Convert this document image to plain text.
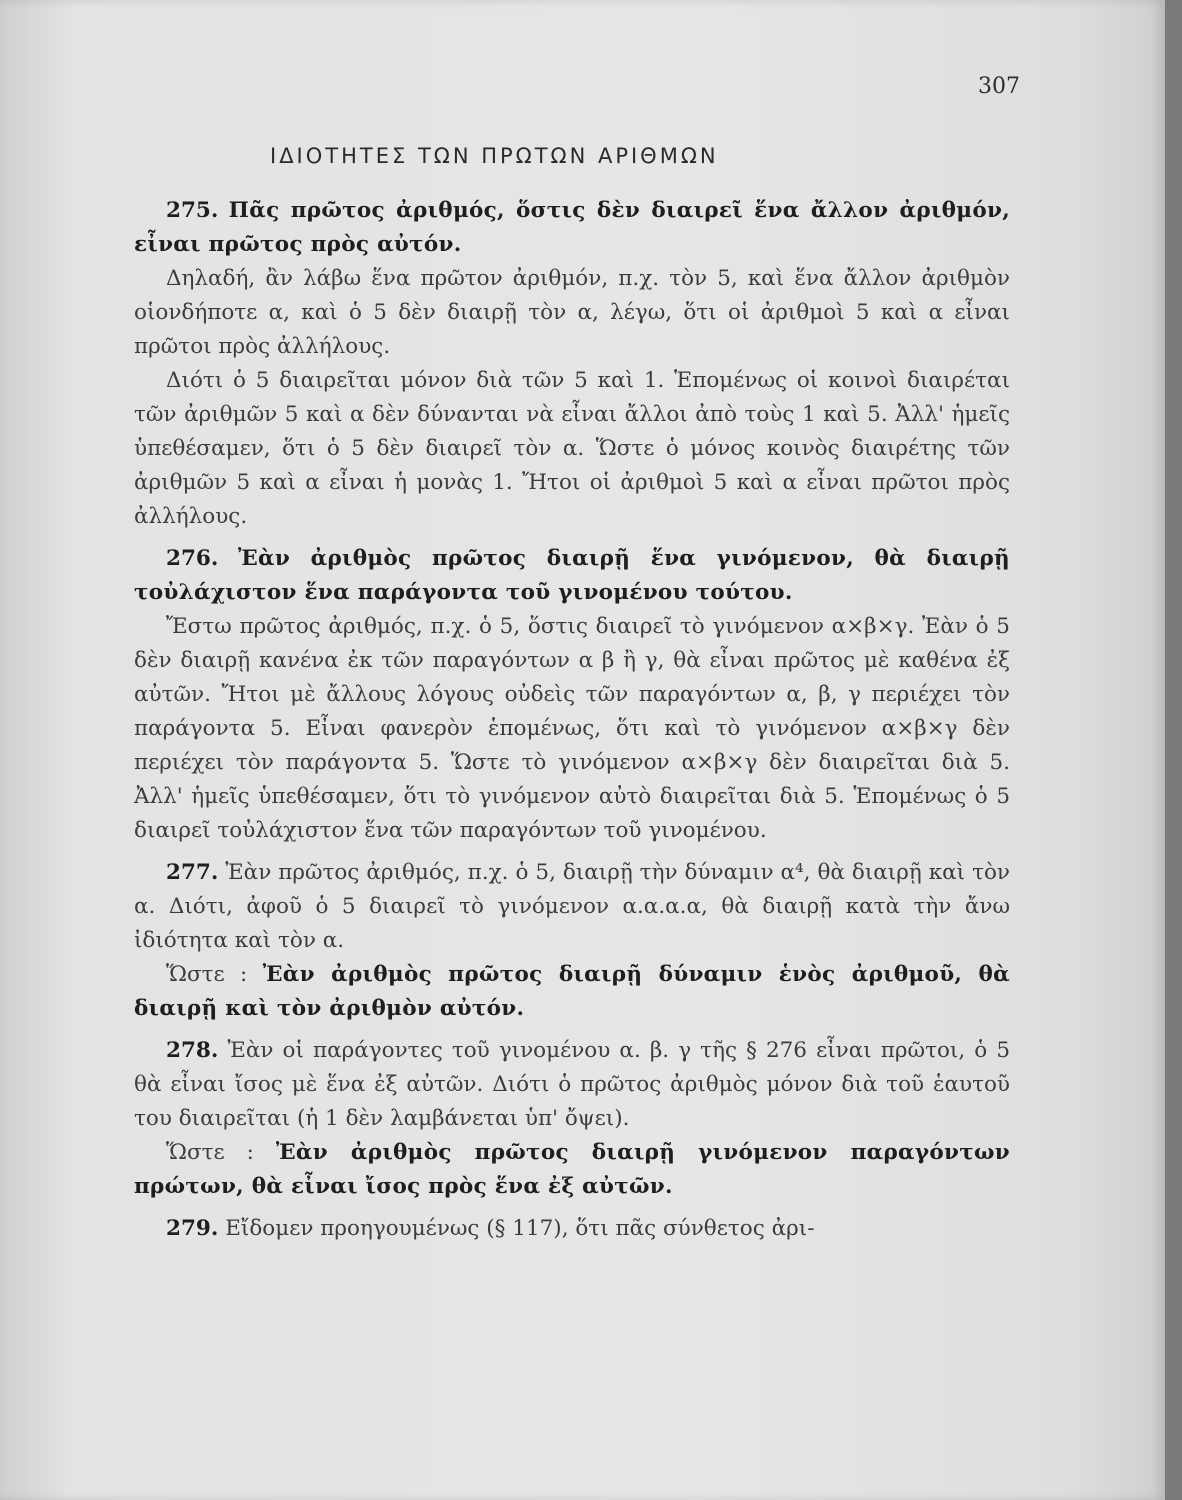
307
ΙΔΙΟΤΗΤΕΣ ΤΩΝ ΠΡΩΤΩΝ ΑΡΙΘΜΩΝ

275. Πᾶς πρῶτος ἀριθμός, ὅστις δὲν διαιρεῖ ἕνα ἄλλον ἀριθμόν, εἶναι πρῶτος πρὸς αὐτόν.

Δηλαδή, ἂν λάβω ἕνα πρῶτον ἀριθμόν, π.χ. τὸν 5, καὶ ἕνα ἄλλον ἀριθμὸν οἱονδήποτε α, καὶ ὁ 5 δὲν διαιρῇ τὸν α, λέγω, ὅτι οἱ ἀριθμοὶ 5 καὶ α εἶναι πρῶτοι πρὸς ἀλλήλους.

Διότι ὁ 5 διαιρεῖται μόνον διὰ τῶν 5 καὶ 1. Ἑπομένως οἱ κοινοὶ διαιρέται τῶν ἀριθμῶν 5 καὶ α δὲν δύνανται νὰ εἶναι ἄλλοι ἀπὸ τοὺς 1 καὶ 5. Ἀλλ' ἡμεῖς ὑπεθέσαμεν, ὅτι ὁ 5 δὲν διαιρεῖ τὸν α. Ὥστε ὁ μόνος κοινὸς διαιρέτης τῶν ἀριθμῶν 5 καὶ α εἶναι ἡ μονὰς 1. Ἤτοι οἱ ἀριθμοὶ 5 καὶ α εἶναι πρῶτοι πρὸς ἀλλήλους.

276. Ἐὰν ἀριθμὸς πρῶτος διαιρῇ ἕνα γινόμενον, θὰ διαιρῇ τοὐλάχιστον ἕνα παράγοντα τοῦ γινομένου τούτου.

Ἔστω πρῶτος ἀριθμός, π.χ. ὁ 5, ὅστις διαιρεῖ τὸ γινόμενον α×β×γ. Ἐὰν ὁ 5 δὲν διαιρῇ κανένα ἐκ τῶν παραγόντων α β ἢ γ, θὰ εἶναι πρῶτος μὲ καθένα ἐξ αὐτῶν. Ἤτοι μὲ ἄλλους λόγους οὐδεὶς τῶν παραγόντων α, β, γ περιέχει τὸν παράγοντα 5. Εἶναι φανερὸν ἑπομένως, ὅτι καὶ τὸ γινόμενον α×β×γ δὲν περιέχει τὸν παράγοντα 5. Ὥστε τὸ γινόμενον α×β×γ δὲν διαιρεῖται διὰ 5. Ἀλλ' ἡμεῖς ὑπεθέσαμεν, ὅτι τὸ γινόμενον αὐτὸ διαιρεῖται διὰ 5. Ἑπομένως ὁ 5 διαιρεῖ τοὐλάχιστον ἕνα τῶν παραγόντων τοῦ γινομένου.

277. Ἐὰν πρῶτος ἀριθμός, π.χ. ὁ 5, διαιρῇ τὴν δύναμιν α⁴, θὰ διαιρῇ καὶ τὸν α. Διότι, ἀφοῦ ὁ 5 διαιρεῖ τὸ γινόμενον α.α.α.α, θὰ διαιρῇ κατὰ τὴν ἄνω ἰδιότητα καὶ τὸν α.

Ὥστε : Ἐὰν ἀριθμὸς πρῶτος διαιρῇ δύναμιν ἑνὸς ἀριθμοῦ, θὰ διαιρῇ καὶ τὸν ἀριθμὸν αὐτόν.

278. Ἐὰν οἱ παράγοντες τοῦ γινομένου α. β. γ τῆς § 276 εἶναι πρῶτοι, ὁ 5 θὰ εἶναι ἴσος μὲ ἕνα ἐξ αὐτῶν. Διότι ὁ πρῶτος ἀριθμὸς μόνον διὰ τοῦ ἑαυτοῦ του διαιρεῖται (ἡ 1 δὲν λαμβάνεται ὑπ' ὄψει).

Ὥστε : Ἐὰν ἀριθμὸς πρῶτος διαιρῇ γινόμενον παραγόντων πρώτων, θὰ εἶναι ἴσος πρὸς ἕνα ἐξ αὐτῶν.

279. Εἴδομεν προηγουμένως (§ 117), ὅτι πᾶς σύνθετος ἀρι-
